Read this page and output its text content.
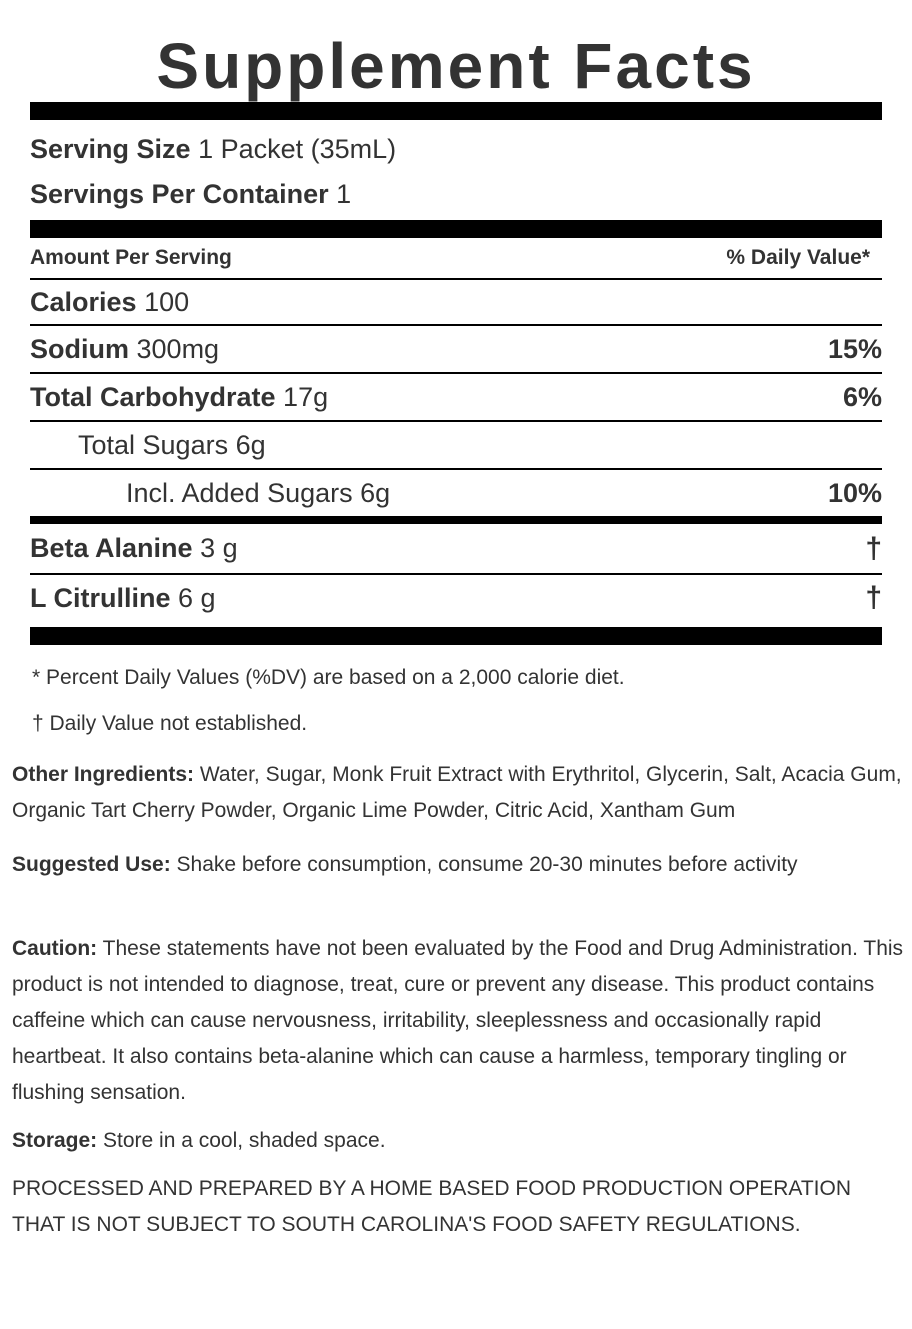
Supplement Facts
Serving Size 1 Packet (35mL)
Servings Per Container 1
Amount Per Serving	% Daily Value*
Calories 100
Sodium 300mg	15%
Total Carbohydrate 17g	6%
Total Sugars 6g
Incl. Added Sugars 6g	10%
Beta Alanine 3 g	†
L Citrulline 6 g	†
* Percent Daily Values (%DV) are based on a 2,000 calorie diet.
† Daily Value not established.

Other Ingredients: Water, Sugar, Monk Fruit Extract with Erythritol, Glycerin, Salt, Acacia Gum, Organic Tart Cherry Powder, Organic Lime Powder, Citric Acid, Xantham Gum

Suggested Use: Shake before consumption, consume 20-30 minutes before activity

Caution: These statements have not been evaluated by the Food and Drug Administration. This product is not intended to diagnose, treat, cure or prevent any disease. This product contains caffeine which can cause nervousness, irritability, sleeplessness and occasionally rapid heartbeat. It also contains beta-alanine which can cause a harmless, temporary tingling or flushing sensation.

Storage: Store in a cool, shaded space.

PROCESSED AND PREPARED BY A HOME BASED FOOD PRODUCTION OPERATION THAT IS NOT SUBJECT TO SOUTH CAROLINA'S FOOD SAFETY REGULATIONS.
